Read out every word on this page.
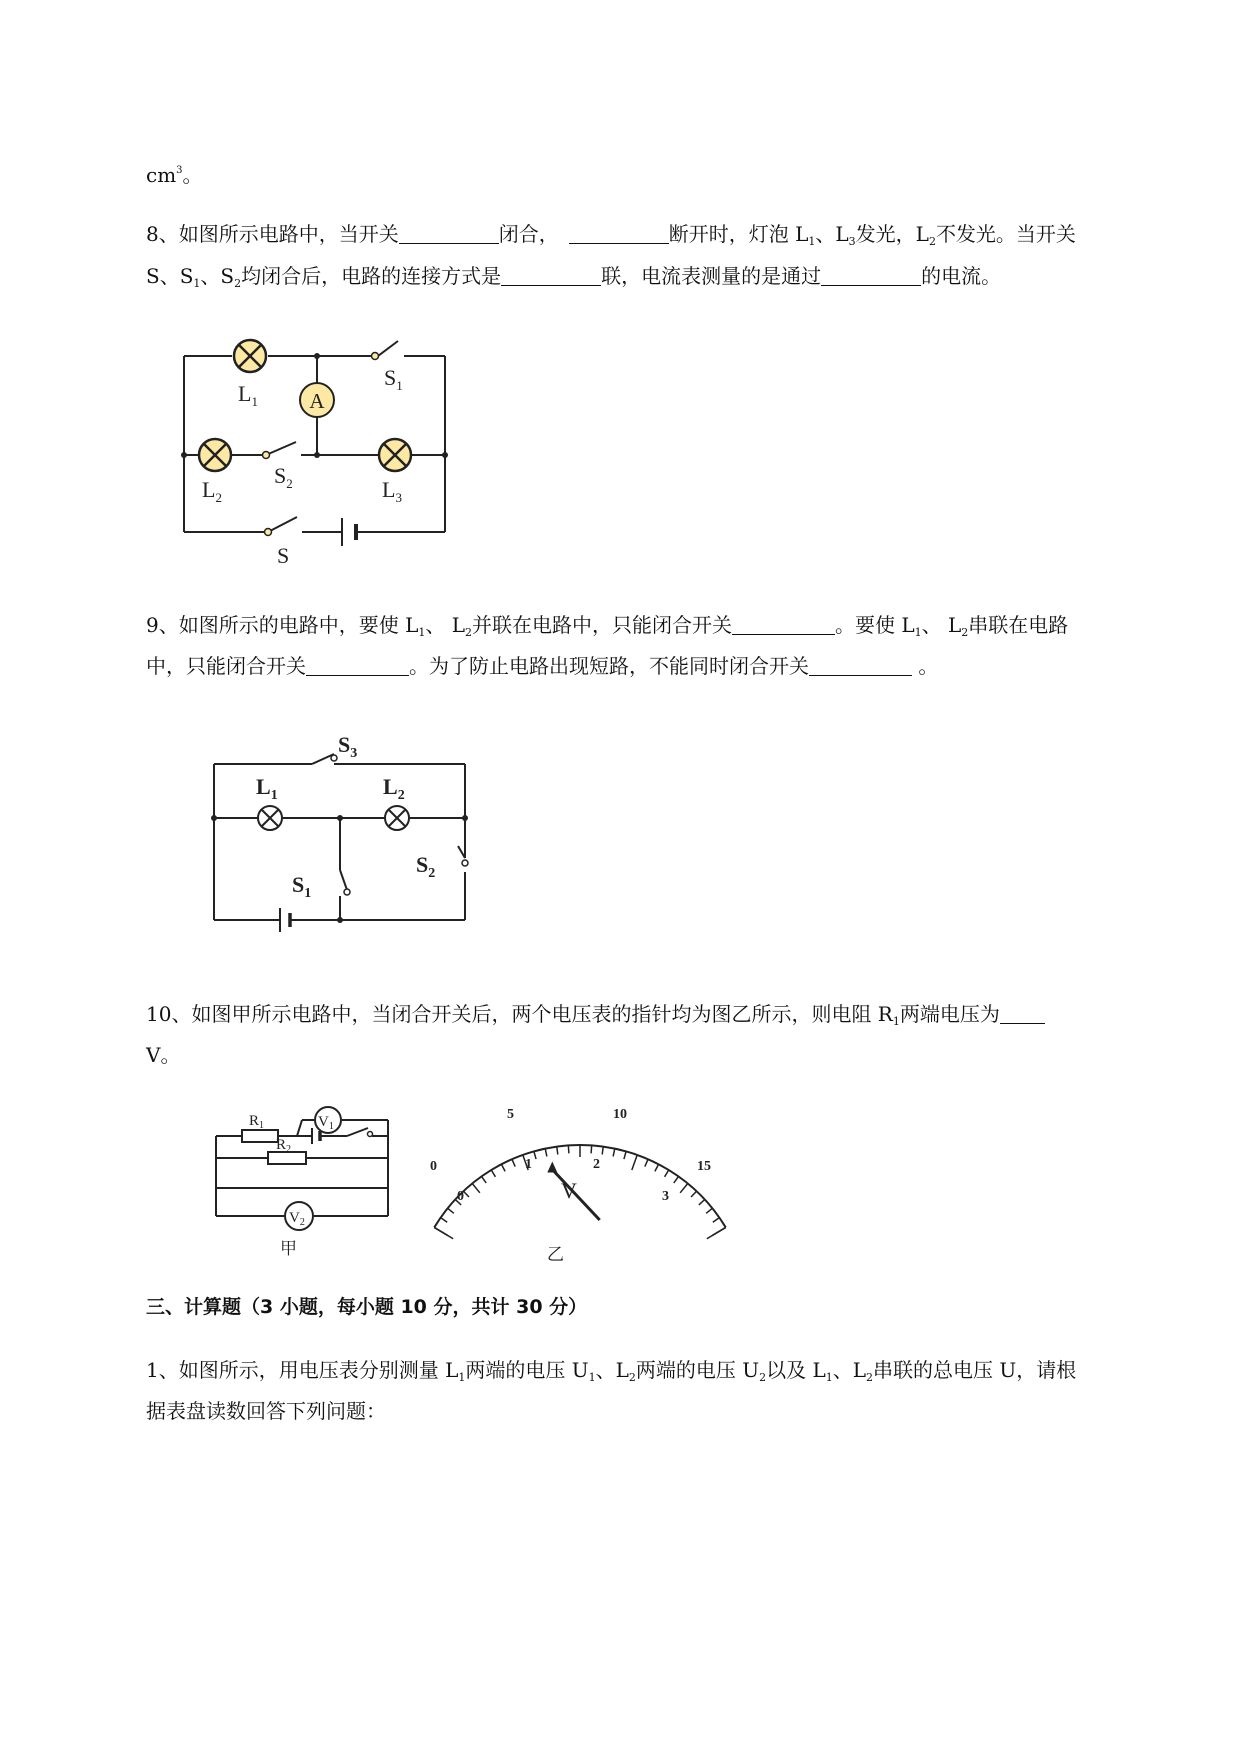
$cm^3$。
8、如图所示电路中，当开关	闭合，	断开时，灯泡 $L_1$、$L_3$发光，$L_2$不发光。当开关
S、$S_1$、$S_2$均闭合后，电路的连接方式是	联，电流表测量的是通过	的电流。
A
$L_1$
$L_2$	$L_3$
$S_1$
$S_2$
S
9、如图所示的电路中，要使 $L_1$、 $L_2$并联在电路中，只能闭合开关	。要使 $L_1$、 $L_2$串联在电路
中，只能闭合开关	。为了防止电路出现短路，不能同时闭合开关	。
$S_3$
$L_1$	$L_2$
$S_1$
$S_2$
10、如图甲所示电路中，当闭合开关后，两个电压表的指针均为图乙所示，则电阻 $R_1$两端电压为
V。
$V_1$
$V_2$
$R_1$
$R_2$
甲
0
5	10
15
0
1	2
3
V
乙
三、计算题（3 小题，每小题 10 分，共计 30 分）
1、如图所示，用电压表分别测量 $L_1$两端的电压 $U_1$、$L_2$两端的电压 $U_2$以及 $L_1$、$L_2$串联的总电压 U，请根
据表盘读数回答下列问题：
